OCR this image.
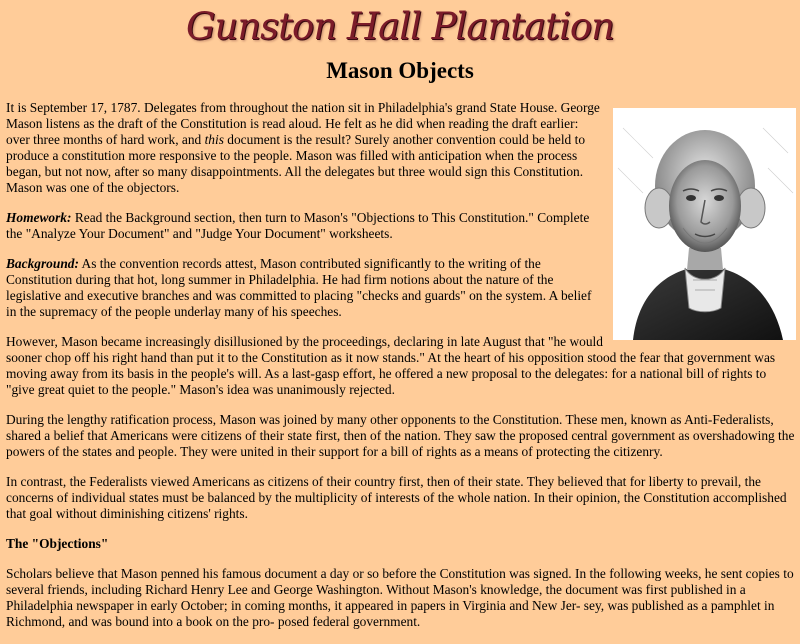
Gunston Hall Plantation
Mason Objects

It is September 17, 1787. Delegates from throughout the nation sit in Philadelphia's grand State House. George Mason listens as the draft of the Constitution is read aloud. He felt as he did when reading the draft earlier: over three months of hard work, and this document is the result? Surely another convention could be held to produce a constitution more responsive to the people. Mason was filled with anticipation when the process began, but not now, after so many disappointments. All the delegates but three would sign this Constitution. Mason was one of the objectors.

Homework: Read the Background section, then turn to Mason's "Objections to This Constitution." Complete the "Analyze Your Document" and "Judge Your Document" worksheets.

Background: As the convention records attest, Mason contributed significantly to the writing of the Constitution during that hot, long summer in Philadelphia. He had firm notions about the nature of the legislative and executive branches and was committed to placing "checks and guards" on the system. A belief in the supremacy of the people underlay many of his speeches.

However, Mason became increasingly disillusioned by the proceedings, declaring in late August that "he would sooner chop off his right hand than put it to the Constitution as it now stands." At the heart of his opposition stood the fear that government was moving away from its basis in the people's will. As a last-gasp effort, he offered a new proposal to the delegates: for a national bill of rights to "give great quiet to the people." Mason's idea was unanimously rejected.

During the lengthy ratification process, Mason was joined by many other opponents to the Constitution. These men, known as Anti-Federalists, shared a belief that Americans were citizens of their state first, then of the nation. They saw the proposed central government as overshadowing the powers of the states and people. They were united in their support for a bill of rights as a means of protecting the citizenry.

In contrast, the Federalists viewed Americans as citizens of their country first, then of their state. They believed that for liberty to prevail, the concerns of individual states must be balanced by the multiplicity of interests of the whole nation. In their opinion, the Constitution accomplished that goal without diminishing citizens' rights.

The "Objections"

Scholars believe that Mason penned his famous document a day or so before the Constitution was signed. In the following weeks, he sent copies to several friends, including Richard Henry Lee and George Washington. Without Mason's knowledge, the document was first published in a Philadelphia newspaper in early October; in coming months, it appeared in papers in Virginia and New Jer- sey, was published as a pamphlet in Richmond, and was bound into a book on the pro- posed federal government.
